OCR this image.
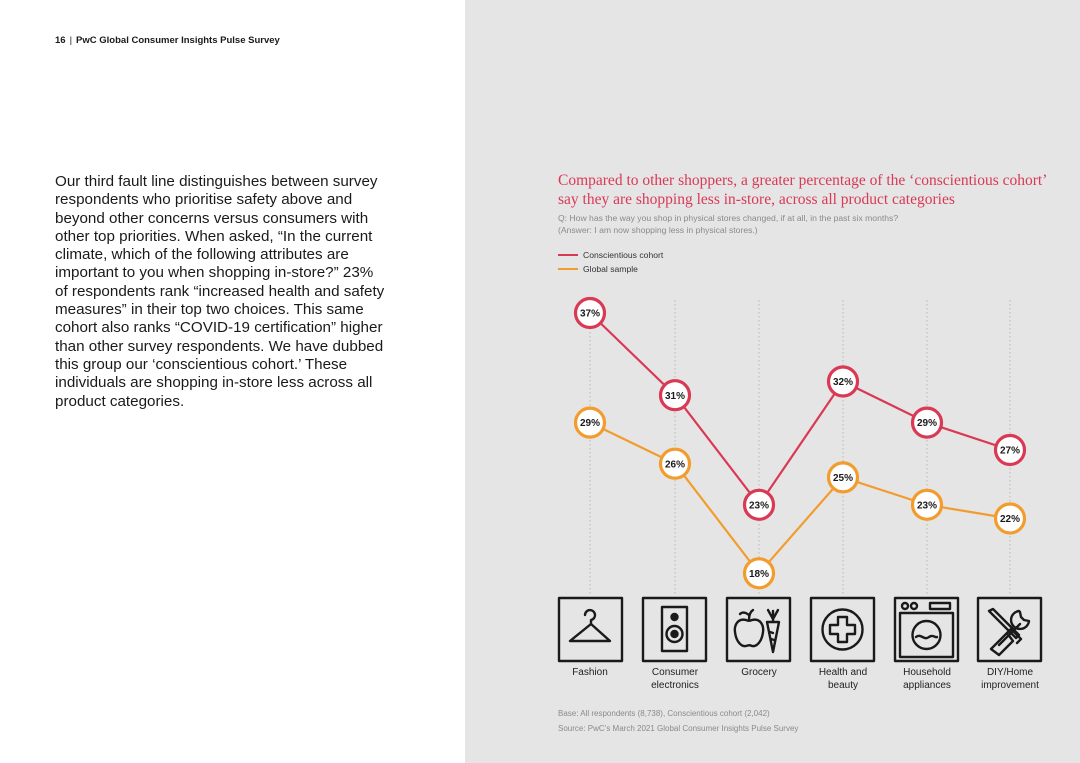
16 | PwC Global Consumer Insights Pulse Survey
Our third fault line distinguishes between survey respondents who prioritise safety above and beyond other concerns versus consumers with other top priorities. When asked, “In the current climate, which of the following attributes are important to you when shopping in-store?” 23% of respondents rank “increased health and safety measures” in their top two choices. This same cohort also ranks “COVID-19 certification” higher than other survey respondents. We have dubbed this group our ‘conscientious cohort.’ These individuals are shopping in-store less across all product categories.
Compared to other shoppers, a greater percentage of the ‘conscientious cohort’ say they are shopping less in-store, across all product categories
Q: How has the way you shop in physical stores changed, if at all, in the past six months?
(Answer: I am now shopping less in physical stores.)
Conscientious cohort
Global sample
29%
26%
18%
25%
23%
22%
37%
31%
23%
32%
29%
27%
Fashion	Consumer
electronics
Grocery	Health and
beauty
Household
appliances
DIY/Home
improvement
Base: All respondents (8,738), Conscientious cohort (2,042)
Source: PwC’s March 2021 Global Consumer Insights Pulse Survey
